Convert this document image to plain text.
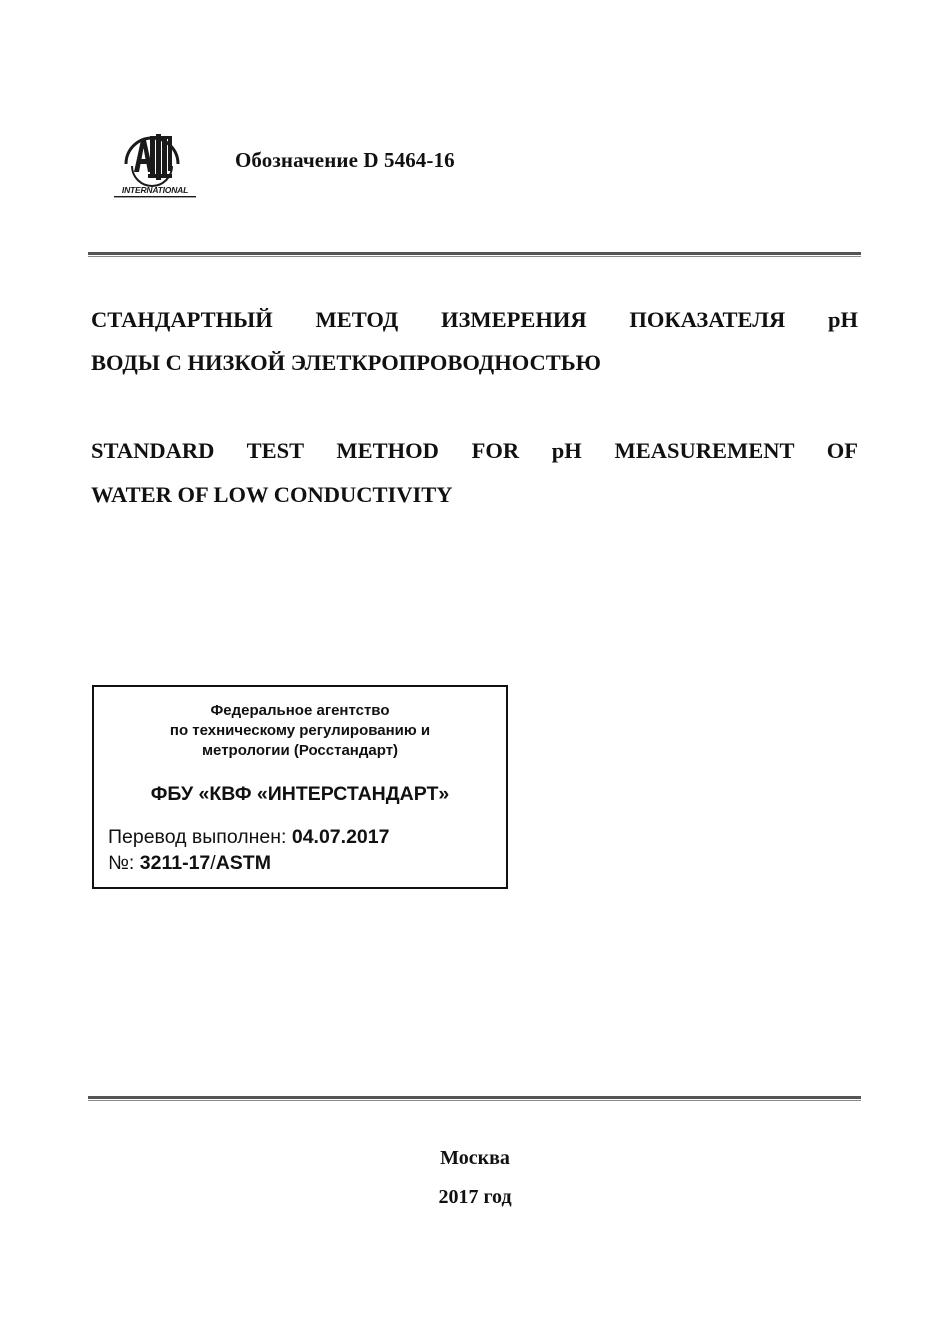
INTERNATIONAL
Обозначение D 5464-16
СТАНДАРТНЫЙ МЕТОД ИЗМЕРЕНИЯ ПОКАЗАТЕЛЯ pH
ВОДЫ С НИЗКОЙ ЭЛЕТКРОПРОВОДНОСТЬЮ
STANDARD TEST METHOD FOR pH MEASUREMENT OF
WATER OF LOW CONDUCTIVITY
Федеральное агентство
по техническому регулированию и
метрологии (Росстандарт)
ФБУ «КВФ «ИНТЕРСТАНДАРТ»
Перевод выполнен: 04.07.2017
№: 3211-17/ASTM
Москва
2017 год
